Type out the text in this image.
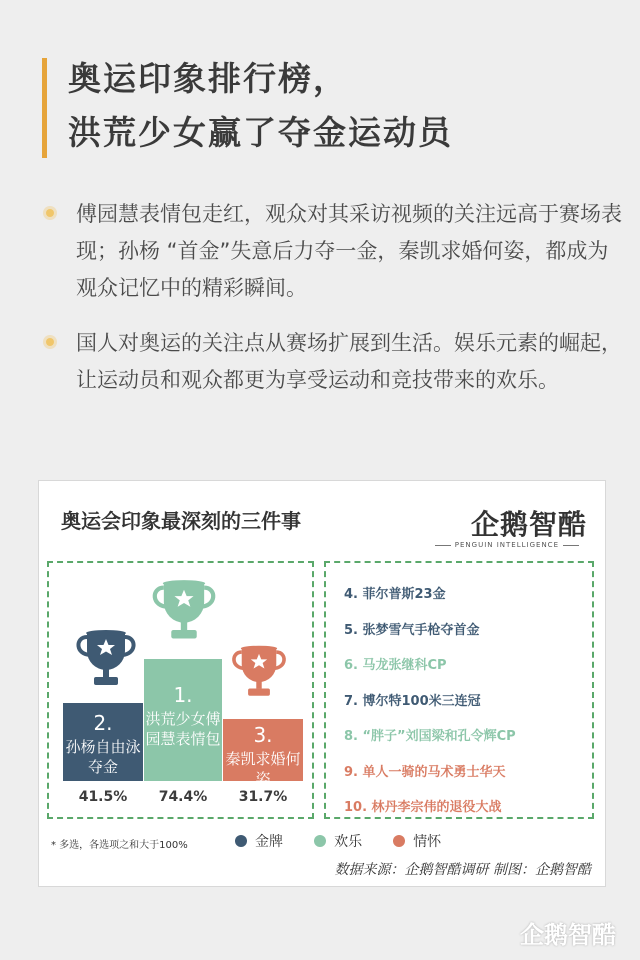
奥运印象排行榜，
洪荒少女赢了夺金运动员
傅园慧表情包走红，观众对其采访视频的关注远高于赛场表现；孙杨 “首金”失意后力夺一金，秦凯求婚何姿，都成为观众记忆中的精彩瞬间。
国人对奥运的关注点从赛场扩展到生活。娱乐元素的崛起，让运动员和观众都更为享受运动和竞技带来的欢乐。
奥运会印象最深刻的三件事	企鹅智酷
PENGUIN INTELLIGENCE
2.
孙杨自由泳夺金
1.
洪荒少女傅园慧表情包	3.
秦凯求婚何姿
41.5%	74.4%	31.7%
4. 菲尔普斯23金
5. 张梦雪气手枪夺首金
6. 马龙张继科CP
7. 博尔特100米三连冠
8. “胖子”刘国梁和孔令辉CP
9. 单人一骑的马术勇士华天
10. 林丹李宗伟的退役大战
* 多选，各选项之和大于100%	金牌	欢乐	情怀
数据来源：企鹅智酷调研 制图：企鹅智酷
企鹅智酷
